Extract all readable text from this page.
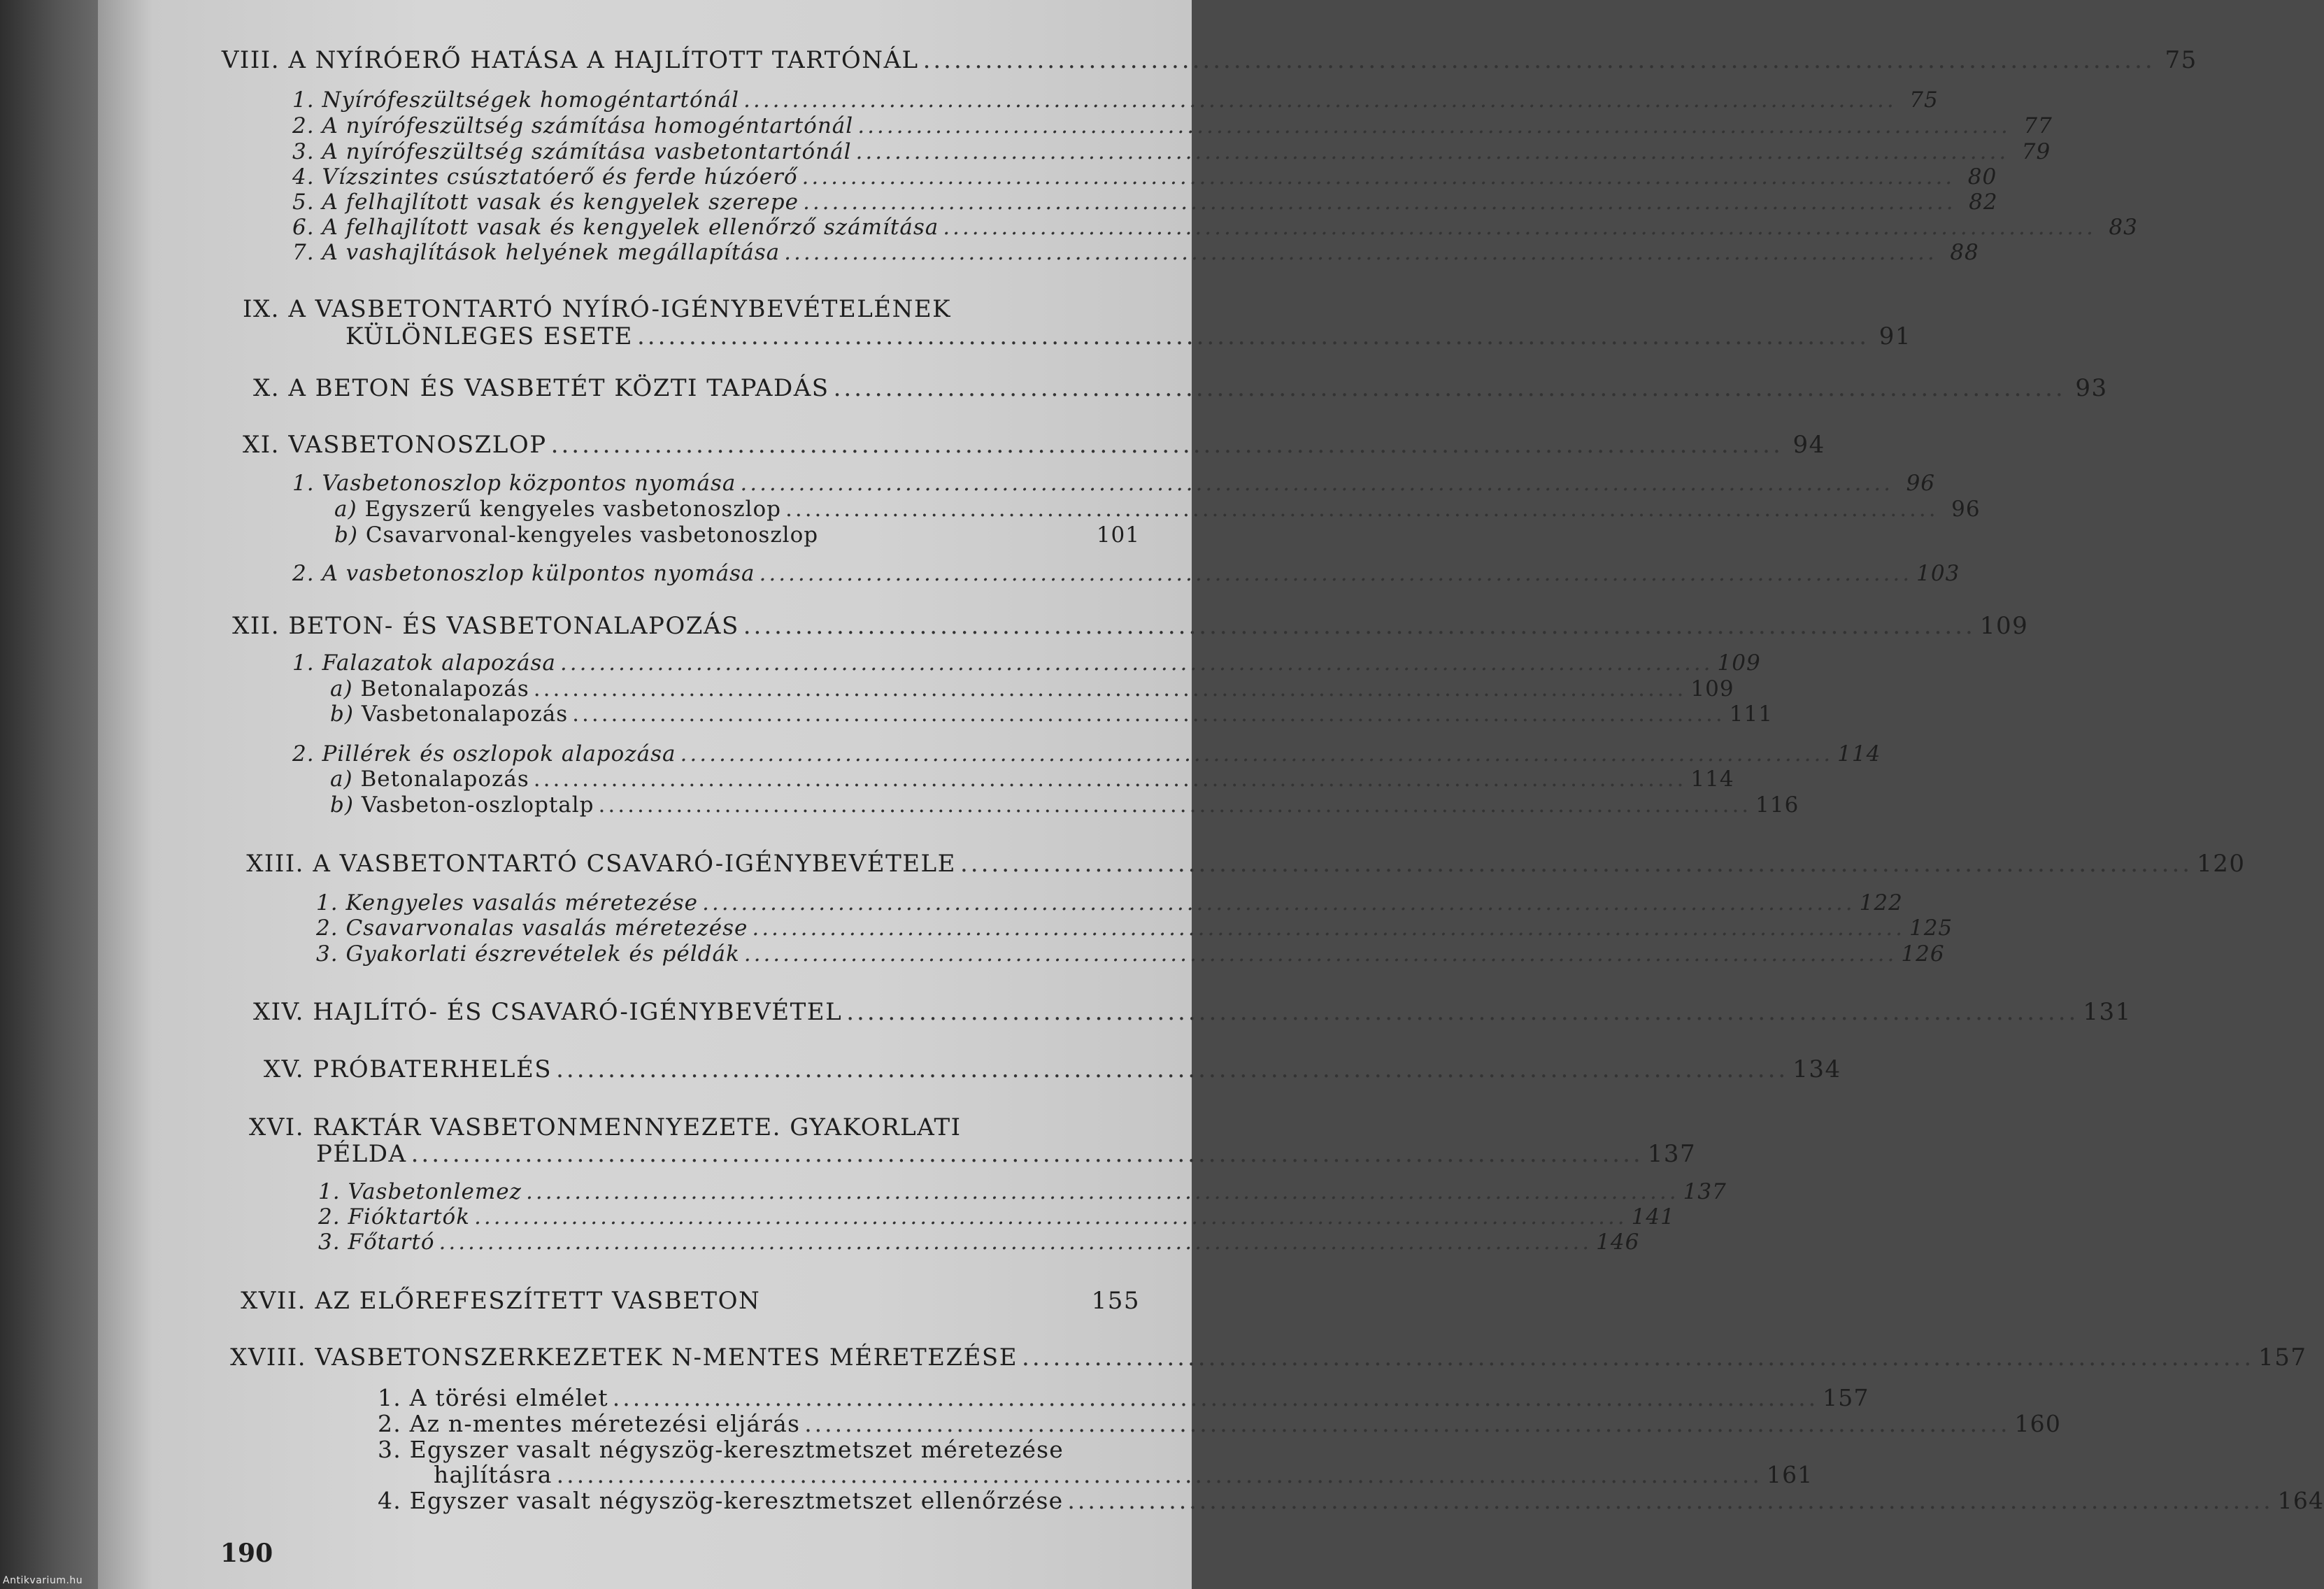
VIII. A NYÍRÓERŐ HATÁSA A HAJLÍTOTT TARTÓNÁL ....................................................................................................................... 75
1. Nyírófeszültségek homogéntartónál ....................................................................................................................... 75
2. A nyírófeszültség számítása homogéntartónál ....................................................................................................................... 77
3. A nyírófeszültség számítása vasbetontartónál ....................................................................................................................... 79
4. Vízszintes csúsztatóerő és ferde húzóerő ....................................................................................................................... 80
5. A felhajlított vasak és kengyelek szerepe ....................................................................................................................... 82
6. A felhajlított vasak és kengyelek ellenőrző számítása ....................................................................................................................... 83
7. A vashajlítások helyének megállapítása ....................................................................................................................... 88
IX. A VASBETONTARTÓ NYÍRÓ-IGÉNYBEVÉTELÉNEK
KÜLÖNLEGES ESETE ....................................................................................................................... 91
X. A BETON ÉS VASBETÉT KÖZTI TAPADÁS ....................................................................................................................... 93
XI. VASBETONOSZLOP ....................................................................................................................... 94
1. Vasbetonoszlop központos nyomása ....................................................................................................................... 96
a) Egyszerű kengyeles vasbetonoszlop ....................................................................................................................... 96
b) Csavarvonal-kengyeles vasbetonoszlop	101
2. A vasbetonoszlop külpontos nyomása ....................................................................................................................... 103
XII. BETON- ÉS VASBETONALAPOZÁS ....................................................................................................................... 109
1. Falazatok alapozása ....................................................................................................................... 109
a) Betonalapozás ....................................................................................................................... 109
b) Vasbetonalapozás ....................................................................................................................... 111
2. Pillérek és oszlopok alapozása ....................................................................................................................... 114
a) Betonalapozás ....................................................................................................................... 114
b) Vasbeton-oszloptalp ....................................................................................................................... 116
XIII. A VASBETONTARTÓ CSAVARÓ-IGÉNYBEVÉTELE ....................................................................................................................... 120
1. Kengyeles vasalás méretezése ....................................................................................................................... 122
2. Csavarvonalas vasalás méretezése ....................................................................................................................... 125
3. Gyakorlati észrevételek és példák ....................................................................................................................... 126
XIV. HAJLÍTÓ- ÉS CSAVARÓ-IGÉNYBEVÉTEL ....................................................................................................................... 131
XV. PRÓBATERHELÉS ....................................................................................................................... 134
XVI. RAKTÁR VASBETONMENNYEZETE. GYAKORLATI
PÉLDA ....................................................................................................................... 137
1. Vasbetonlemez ....................................................................................................................... 137
2. Fióktartók ....................................................................................................................... 141
3. Főtartó ....................................................................................................................... 146
XVII. AZ ELŐREFESZÍTETT VASBETON	155
XVIII. VASBETONSZERKEZETEK N-MENTES MÉRETEZÉSE ....................................................................................................................... 157
1. A törési elmélet ....................................................................................................................... 157
2. Az n-mentes méretezési eljárás ....................................................................................................................... 160
3. Egyszer vasalt négyszög-keresztmetszet méretezése
hajlításra ....................................................................................................................... 161
4. Egyszer vasalt négyszög-keresztmetszet ellenőrzése ....................................................................................................................... 164
190
Antikvarium.hu
